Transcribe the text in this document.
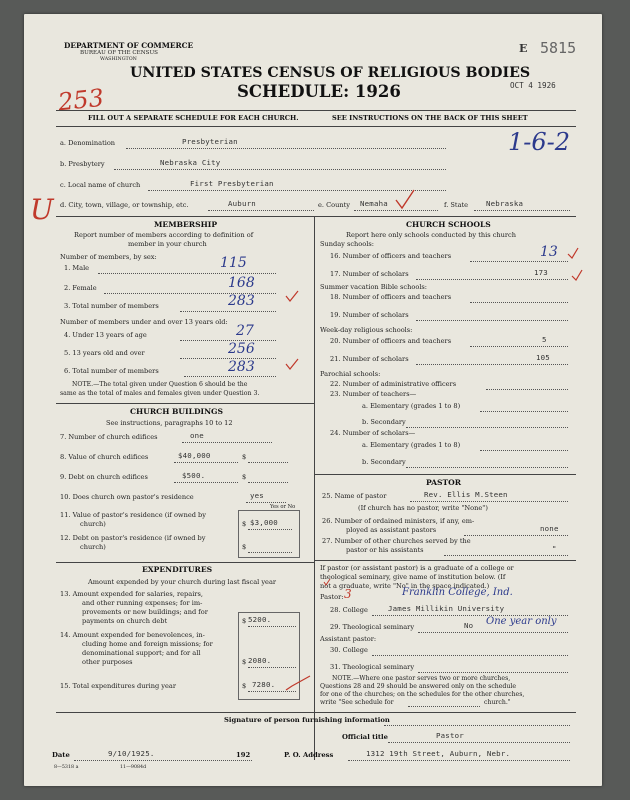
DEPARTMENT OF COMMERCE
BUREAU OF THE CENSUS
WASHINGTON
UNITED STATES CENSUS OF RELIGIOUS BODIES
SCHEDULE: 1926
E 5815
OCT 4 1926
253
1-6-2
U
FILL OUT A SEPARATE SCHEDULE FOR EACH CHURCH.	SEE INSTRUCTIONS ON THE BACK OF THIS SHEET
a. Denomination	Presbyterian
b. Presbytery	Nebraska City
c. Local name of church	First Presbyterian
d. City, town, village, or township, etc.	Auburn	e. County Nemaha	f. State Nebraska
MEMBERSHIP
Report number of members according to definition of
member in your church
Number of members, by sex:
1. Male	115
2. Female	168
3. Total number of members	283
Number of members under and over 13 years old:
4. Under 13 years of age	27
5. 13 years old and over	256
6. Total number of members	283
NOTE.—The total given under Question 6 should be the
same as the total of males and females given under Question 3.
CHURCH BUILDINGS
See instructions, paragraphs 10 to 12
7. Number of church edifices	one
8. Value of church edifices	$40,000	$
9. Debt on church edifices	$500.	$
10. Does church own pastor's residence	yes
Yes or No
11. Value of pastor's residence (if owned by
church)	$ $3,000
12. Debt on pastor's residence (if owned by
church)	$
EXPENDITURES
Amount expended by your church during last fiscal year
13. Amount expended for salaries, repairs,
and other running expenses; for im-
provements or new buildings; and for
payments on church debt	$ 5200.
14. Amount expended for benevolences, in-
cluding home and foreign missions; for
denominational support; and for all
other purposes	$ 2080.
15. Total expenditures during year	$ 7280.
CHURCH SCHOOLS
Report here only schools conducted by this church
Sunday schools:
16. Number of officers and teachers	13
17. Number of scholars	173
Summer vacation Bible schools:
18. Number of officers and teachers
19. Number of scholars
Week-day religious schools:
20. Number of officers and teachers	5
21. Number of scholars	105
Parochial schools:
22. Number of administrative officers
23. Number of teachers—
a. Elementary (grades 1 to 8)
b. Secondary
24. Number of scholars—
a. Elementary (grades 1 to 8)
b. Secondary
PASTOR
25. Name of pastor	Rev. Ellis M.Steen
(If church has no pastor, write "None")
26. Number of ordained ministers, if any, em-
ployed as assistant pastors	none
27. Number of other churches served by the
pastor or his assistants	"
If pastor (or assistant pastor) is a graduate of a college or
theological seminary, give name of institution below. (If
not a graduate, write "No" in the space indicated.)
Pastor: 3	Franklin College, Ind.
28. College	James Millikin University
29. Theological seminary	No One year only
Assistant pastor:
30. College
31. Theological seminary
NOTE.—Where one pastor serves two or more churches,
Questions 28 and 29 should be answered only on the schedule
for one of the churches; on the schedules for the other churches,
write "See schedule for	church."
Signature of person furnishing information
Official title	Pastor
Date	9/10/1925.	192	P. O. Address	1312 19th Street, Auburn, Nebr.
8—5318 a	11—9084d
